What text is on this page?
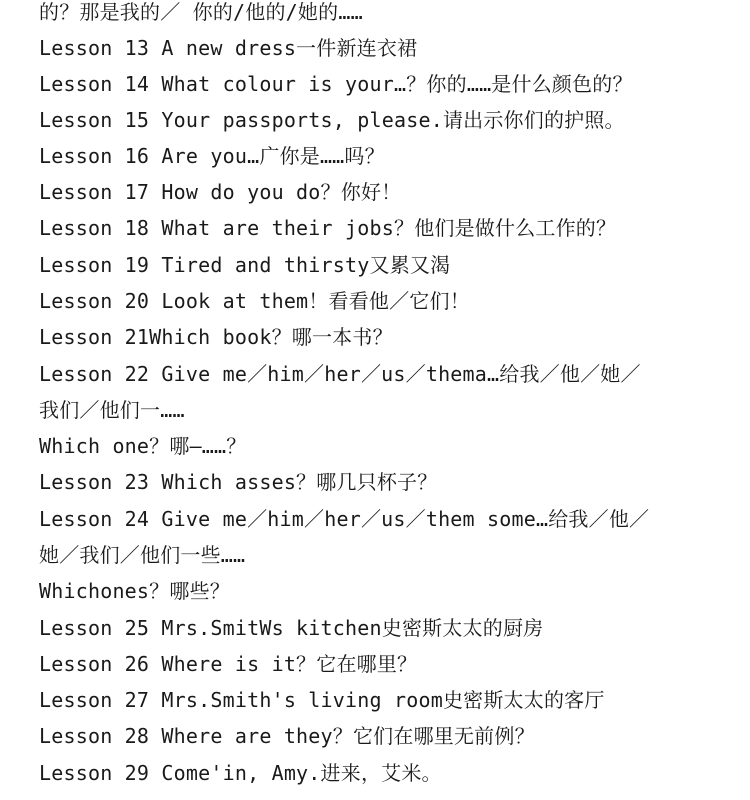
的？那是我的／ 你的/他的/她的……
Lesson 13 A new dress一件新连衣裙
Lesson 14 What colour is your…？你的……是什么颜色的？
Lesson 15 Your passports, please.请出示你们的护照。
Lesson 16 Are you…广你是……吗？
Lesson 17 How do you do？你好！
Lesson 18 What are their jobs？他们是做什么工作的？
Lesson 19 Tired and thirsty又累又渴
Lesson 20 Look at them！看看他／它们！
Lesson 21Which book？哪一本书？
Lesson 22 Give me／him／her／us／thema…给我／他／她／
我们／他们一……
Which one？哪—……？
Lesson 23 Which asses？哪几只杯子？
Lesson 24 Give me／him／her／us／them some…给我／他／
她／我们／他们一些……
Whichones？哪些？
Lesson 25 Mrs.SmitWs kitchen史密斯太太的厨房
Lesson 26 Where is it？它在哪里？
Lesson 27 Mrs.Smith's living room史密斯太太的客厅
Lesson 28 Where are they？它们在哪里无前例？
Lesson 29 Come'in, Amy.进来，艾米。
